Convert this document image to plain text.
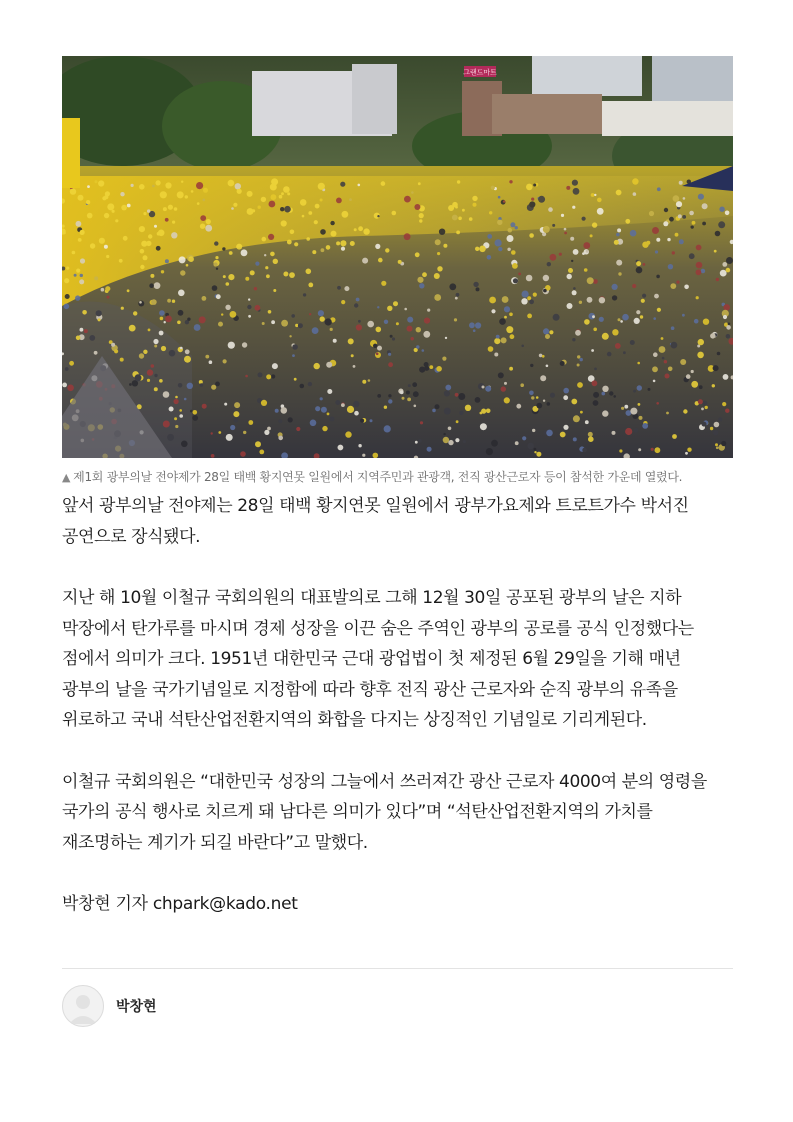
그랜드마트
▲ 제1회 광부의날 전야제가 28일 태백 황지연못 일원에서 지역주민과 관광객, 전직 광산근로자 등이 참석한 가운데 열렸다.

앞서 광부의날 전야제는 28일 태백 황지연못 일원에서 광부가요제와 트로트가수 박서진 공연으로 장식됐다.

지난 해 10월 이철규 국회의원의 대표발의로 그해 12월 30일 공포된 광부의 날은 지하 막장에서 탄가루를 마시며 경제 성장을 이끈 숨은 주역인 광부의 공로를 공식 인정했다는 점에서 의미가 크다. 1951년 대한민국 근대 광업법이 첫 제정된 6월 29일을 기해 매년 광부의 날을 국가기념일로 지정함에 따라 향후 전직 광산 근로자와 순직 광부의 유족을 위로하고 국내 석탄산업전환지역의 화합을 다지는 상징적인 기념일로 기리게된다.

이철규 국회의원은 “대한민국 성장의 그늘에서 쓰러져간 광산 근로자 4000여 분의 영령을 국가의 공식 행사로 치르게 돼 남다른 의미가 있다”며 “석탄산업전환지역의 가치를 재조명하는 계기가 되길 바란다”고 말했다.

박창현 기자 chpark@kado.net

박창현
